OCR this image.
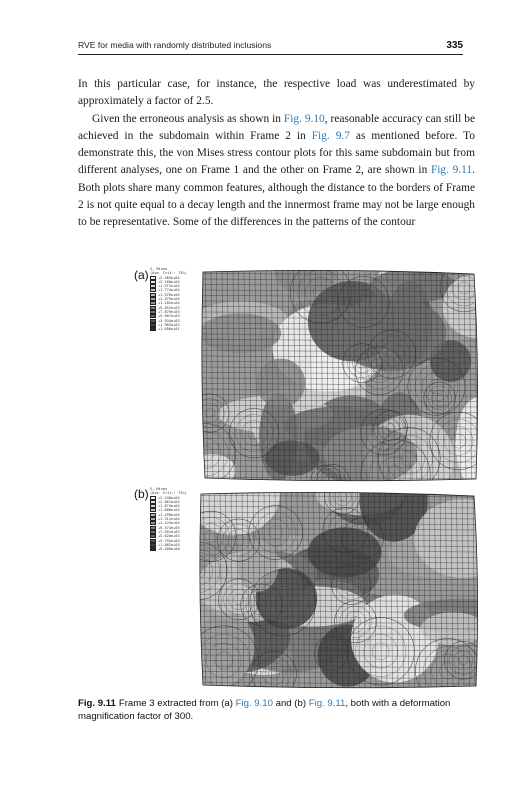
RVE for media with randomly distributed inclusions	335

In this particular case, for instance, the respective load was underestimated by approximately a factor of 2.5.

Given the erroneous analysis as shown in Fig. 9.10, reasonable accuracy can still be achieved in the subdomain within Frame 2 in Fig. 9.7 as mentioned before. To demonstrate this, the von Mises stress contour plots for this same subdomain but from different analyses, one on Frame 1 and the other on Frame 2, are shown in Fig. 9.11. Both plots share many common features, although the distance to the borders of Frame 2 is not quite equal to a decay length and the innermost frame may not be large enough to be representative. Some of the differences in the patterns of the contour

(a) S, Mises
(Ave. Crit.: 75%)
+2.365e+04
+2.168e+04
+1.971e+04
+1.774e+04
+1.576e+04
+1.379e+04
+1.182e+04
+9.852e+03
+7.879e+03
+5.907e+03
+3.934e+03
+1.962e+03
+1.056e+01
(b) S, Mises
(Ave. Crit.: 75%)
+2.248e+04
+2.061e+04
+1.874e+04
+1.686e+04
+1.499e+04
+1.312e+04
+1.125e+04
+9.374e+03
+7.501e+03
+5.628e+03
+3.755e+03
+1.882e+03
+9.400e+00
Fig. 9.11 Frame 3 extracted from (a) Fig. 9.10 and (b) Fig. 9.11, both with a deformation magnification factor of 300.
